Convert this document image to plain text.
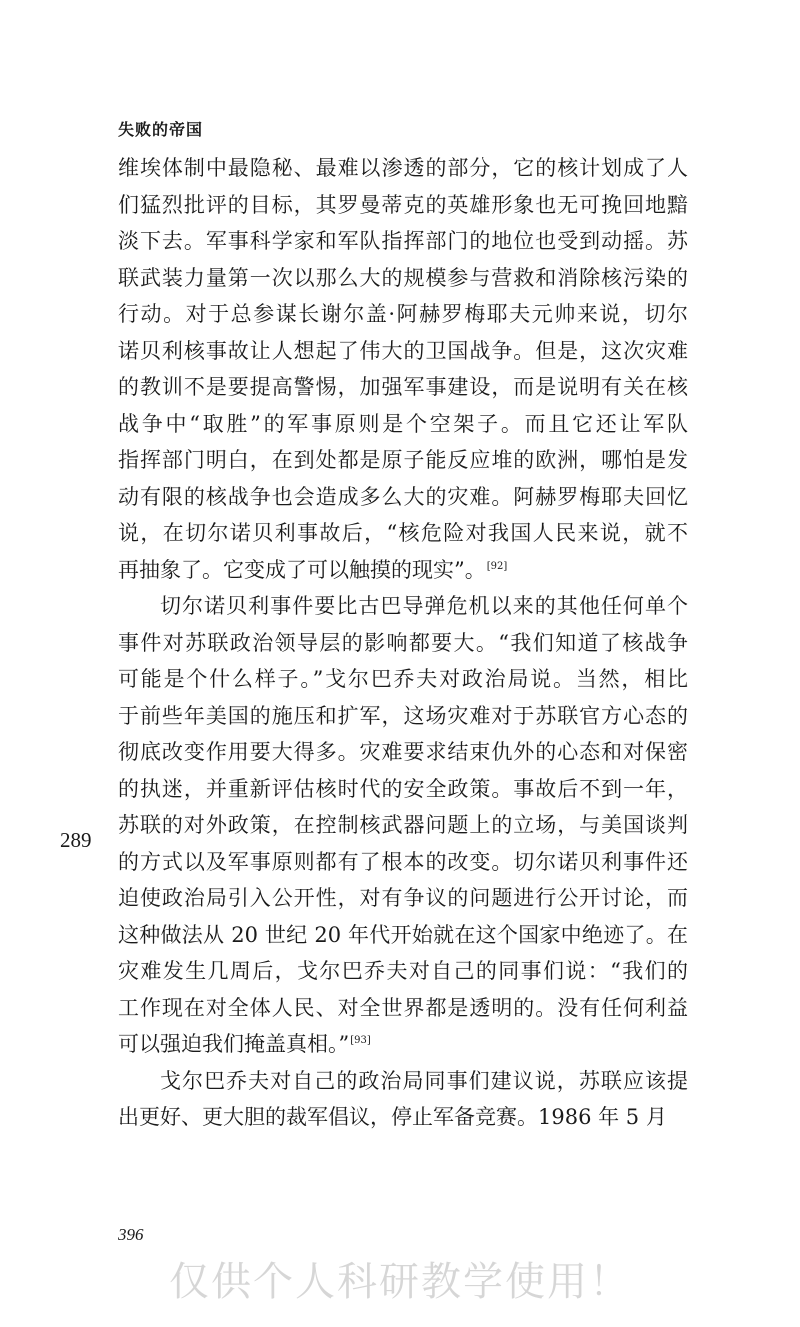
失败的帝国
维埃体制中最隐秘、最难以渗透的部分，它的核计划成了人
们猛烈批评的目标，其罗曼蒂克的英雄形象也无可挽回地黯
淡下去。军事科学家和军队指挥部门的地位也受到动摇。苏
联武装力量第一次以那么大的规模参与营救和消除核污染的
行动。对于总参谋长谢尔盖·阿赫罗梅耶夫元帅来说，切尔
诺贝利核事故让人想起了伟大的卫国战争。但是，这次灾难
的教训不是要提高警惕，加强军事建设，而是说明有关在核
战争中“取胜”的军事原则是个空架子。而且它还让军队
指挥部门明白，在到处都是原子能反应堆的欧洲，哪怕是发
动有限的核战争也会造成多么大的灾难。阿赫罗梅耶夫回忆
说，在切尔诺贝利事故后，“核危险对我国人民来说，就不
再抽象了。它变成了可以触摸的现实”。[92]
切尔诺贝利事件要比古巴导弹危机以来的其他任何单个
事件对苏联政治领导层的影响都要大。“我们知道了核战争
可能是个什么样子。”戈尔巴乔夫对政治局说。当然，相比
于前些年美国的施压和扩军，这场灾难对于苏联官方心态的
彻底改变作用要大得多。灾难要求结束仇外的心态和对保密
的执迷，并重新评估核时代的安全政策。事故后不到一年，
苏联的对外政策，在控制核武器问题上的立场，与美国谈判
的方式以及军事原则都有了根本的改变。切尔诺贝利事件还
迫使政治局引入公开性，对有争议的问题进行公开讨论，而
这种做法从 20 世纪 20 年代开始就在这个国家中绝迹了。在
灾难发生几周后，戈尔巴乔夫对自己的同事们说：“我们的
工作现在对全体人民、对全世界都是透明的。没有任何利益
可以强迫我们掩盖真相。”[93]
戈尔巴乔夫对自己的政治局同事们建议说，苏联应该提
出更好、更大胆的裁军倡议，停止军备竞赛。1986 年 5 月
289
396
仅供个人科研教学使用！
